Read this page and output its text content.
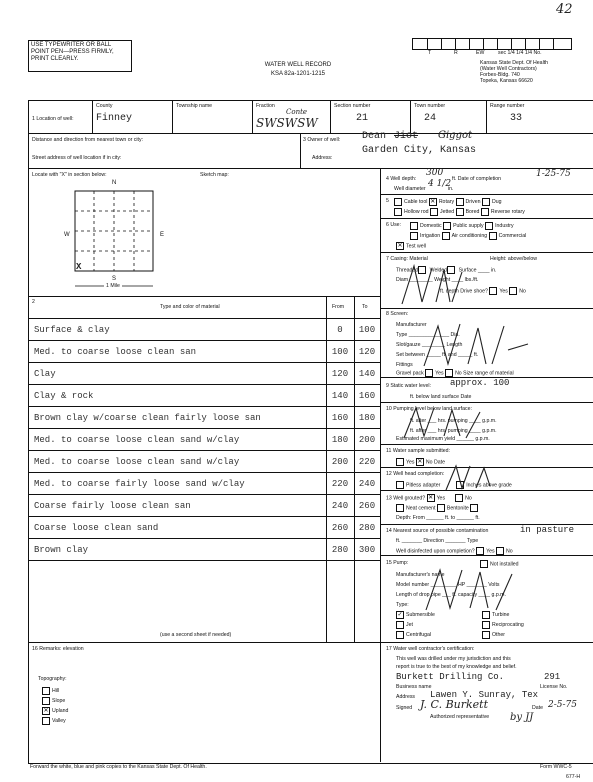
42
USE TYPEWRITER OR BALL
POINT PEN—PRESS FIRMLY,
PRINT CLEARLY.
WATER WELL RECORD
KSA 82a-1201-1215
T	R	EW	sec 1/4 1/4 1/4 No.
Kansas State Dept. Of Health
(Water Well Contractors)
Forbes-Bldg. 740
Topeka, Kansas 66620
1 Location of well:
County
Finney
Township name	Fraction
Conte
SWSWSW
Section number
21
Town number
24
Range number
33
Distance and direction from nearest town or city:
Street address of well location if in city:
3 Owner of well: Dean Jiot Giggot
Address:
Garden City, Kansas
Locate with "X" in section below:	Sketch map:
N
W	E
S
X
1 Mile
2
Type and color of material	From	To
Surface & clay	0	100
Med. to coarse loose clean san	100	120
Clay	120	140
Clay & rock	140	160
Brown clay w/coarse clean fairly loose san	160	180
Med. to coarse loose clean sand w/clay	180	200
Med. to coarse loose clean sand w/clay	200	220
Med. to coarse fairly loose sand w/clay	220	240
Coarse fairly loose clean san	240	260
Coarse loose clean sand	260	280
Brown clay	280	300
(use a second sheet if needed)
16 Remarks: elevation
Topography:
Hill
Slope
✕ Upland
Valley
4 Well depth:
300
ft. Date of completion	1-25-75
Well diameter 4 1/2
in.
5	Cable tool ✕ Rotary Driven Dug
Hollow rod Jetted Bored Reverse rotary
6 Use:	Domestic Public supply Industry
Irrigation Air conditioning Commercial
✕ Test well
7 Casing: Material	Height: above/below
Threaded Welded Surface ____ in.
Diam ________ Weight ____ lbs./ft.
ft. depth Drive shoe? Yes No
8 Screen:
Manufacturer
Type ______________ Dia.
Slot/gauze ________ Length
Set between _____ ft. and _____ ft.
Fittings
Gravel pack Yes No Size range of material
9 Static water level: approx. 100
ft. below land surface Date
10 Pumping level below land surface:
ft. after ___ hrs. pumping ____ g.p.m.
ft. after ___ hrs. pumping ____ g.p.m.
Estimated maximum yield ______ g.p.m.
11 Water sample submitted:
Yes ✕ No Date
12 Well head completion:
Pitless adapter	Inches above grade
13 Well grouted? ✕ Yes	No
Neat cement Bentonite
Depth: From ______ ft. to ______ ft.
14 Nearest source of possible contamination	in pasture
ft. _______ Direction _______ Type
Well disinfected upon completion? Yes No
15 Pump:	Not installed
Manufacturer's name
Model number _________ HP _______ Volts
Length of drop pipe ___ ft. capacity ____ g.p.m.
Type:
✓ Submersible	Turbine
Jet	Reciprocating
Centrifugal	Other
17 Water well contractor's certification:
This well was drilled under my jurisdiction and this
report is true to the best of my knowledge and belief.
Burkett Drilling Co.	291
Business name	License No.
Address Lawen Y. Sunray, Tex
Signed J. C. Burkett	Date 2-5-75
Authorized representative by JJ
Forward the white, blue and pink copies to the Kansas State Dept. Of Health.	Form WWC-5
677-H
